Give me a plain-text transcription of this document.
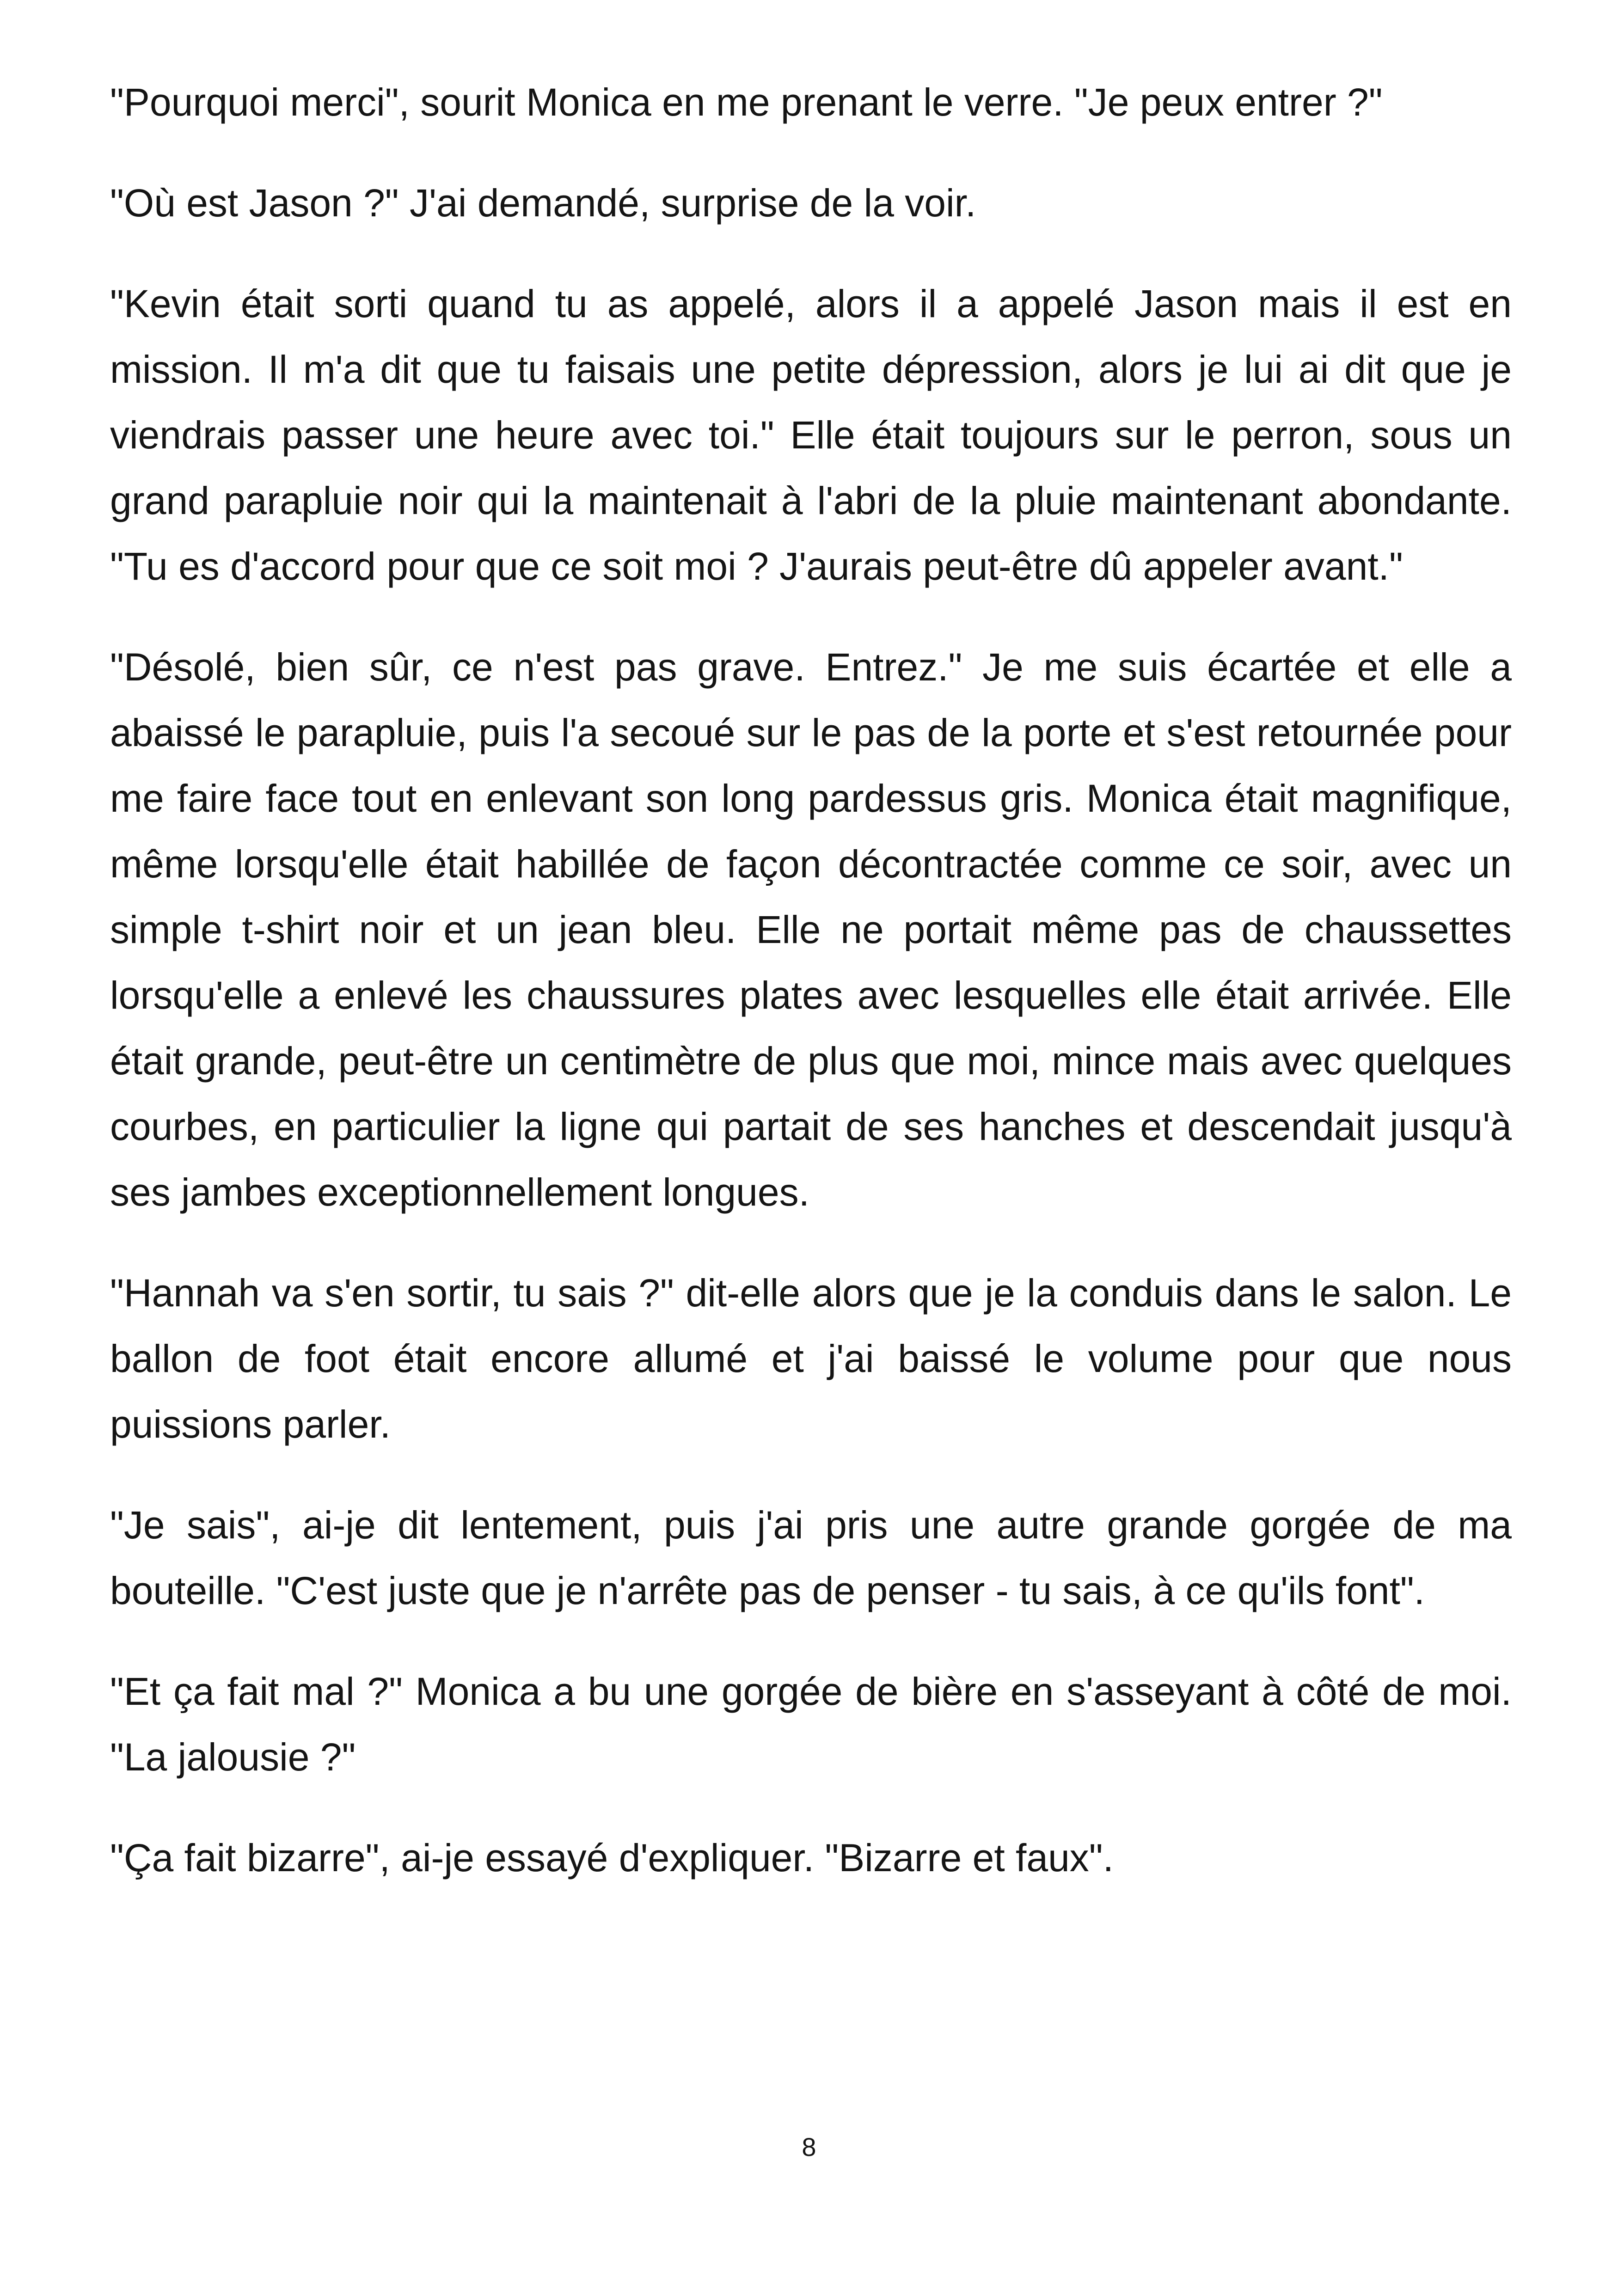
"Pourquoi merci", sourit Monica en me prenant le verre. "Je peux entrer ?"

"Où est Jason ?" J'ai demandé, surprise de la voir.

"Kevin était sorti quand tu as appelé, alors il a appelé Jason mais il est en mission. Il m'a dit que tu faisais une petite dépression, alors je lui ai dit que je viendrais passer une heure avec toi." Elle était toujours sur le perron, sous un grand parapluie noir qui la maintenait à l'abri de la pluie maintenant abondante. "Tu es d'accord pour que ce soit moi ? J'aurais peut-être dû appeler avant."

"Désolé, bien sûr, ce n'est pas grave. Entrez." Je me suis écartée et elle a abaissé le parapluie, puis l'a secoué sur le pas de la porte et s'est retournée pour me faire face tout en enlevant son long pardessus gris. Monica était magnifique, même lorsqu'elle était habillée de façon décontractée comme ce soir, avec un simple t-shirt noir et un jean bleu. Elle ne portait même pas de chaussettes lorsqu'elle a enlevé les chaussures plates avec lesquelles elle était arrivée. Elle était grande, peut-être un centimètre de plus que moi, mince mais avec quelques courbes, en particulier la ligne qui partait de ses hanches et descendait jusqu'à ses jambes exceptionnellement longues.

"Hannah va s'en sortir, tu sais ?" dit-elle alors que je la conduis dans le salon. Le ballon de foot était encore allumé et j'ai baissé le volume pour que nous puissions parler.

"Je sais", ai-je dit lentement, puis j'ai pris une autre grande gorgée de ma bouteille. "C'est juste que je n'arrête pas de penser - tu sais, à ce qu'ils font".

"Et ça fait mal ?" Monica a bu une gorgée de bière en s'asseyant à côté de moi. "La jalousie ?"

"Ça fait bizarre", ai-je essayé d'expliquer. "Bizarre et faux".

8
